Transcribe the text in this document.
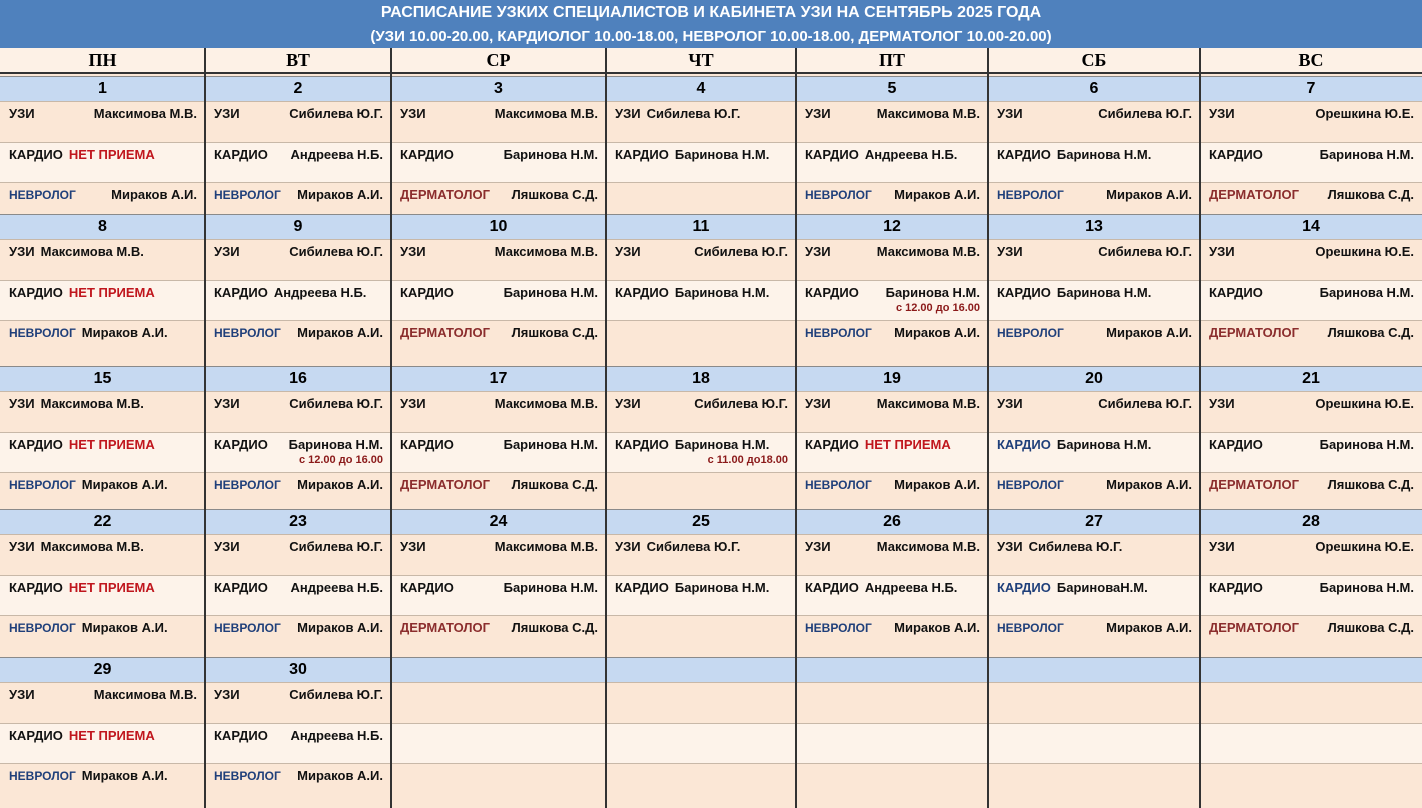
РАСПИСАНИЕ УЗКИХ СПЕЦИАЛИСТОВ И КАБИНЕТА УЗИ НА СЕНТЯБРЬ 2025 ГОДА
(УЗИ 10.00-20.00, КАРДИОЛОГ 10.00-18.00, НЕВРОЛОГ 10.00-18.00, ДЕРМАТОЛОГ 10.00-20.00)
ПН	ВТ	СР	ЧТ	ПТ	СБ	ВС
1
УЗИ	Максимова М.В.
КАРДИО НЕТ ПРИЕМА
НЕВРОЛОГ	Мираков А.И.
2
УЗИ	Сибилева Ю.Г.
КАРДИО	Андреева Н.Б.
НЕВРОЛОГ	Мираков А.И.
3
УЗИ	Максимова М.В.
КАРДИО	Баринова Н.М.
ДЕРМАТОЛОГ	Ляшкова С.Д.
4
УЗИ Сибилева Ю.Г.
КАРДИО Баринова Н.М.
5
УЗИ	Максимова М.В.
КАРДИО Андреева Н.Б.
НЕВРОЛОГ	Мираков А.И.
6
УЗИ	Сибилева Ю.Г.
КАРДИО Баринова Н.М.
НЕВРОЛОГ	Мираков А.И.
7
УЗИ	Орешкина Ю.Е.
КАРДИО	Баринова Н.М.
ДЕРМАТОЛОГ	Ляшкова С.Д.
8
УЗИ Максимова М.В.
КАРДИО НЕТ ПРИЕМА
НЕВРОЛОГ Мираков А.И.
9
УЗИ	Сибилева Ю.Г.
КАРДИО Андреева Н.Б.
НЕВРОЛОГ	Мираков А.И.
10
УЗИ	Максимова М.В.
КАРДИО	Баринова Н.М.
ДЕРМАТОЛОГ	Ляшкова С.Д.
11
УЗИ	Сибилева Ю.Г.
КАРДИО Баринова Н.М.
12
УЗИ	Максимова М.В.
КАРДИО	Баринова Н.М.
с 12.00 до 16.00
НЕВРОЛОГ	Мираков А.И.
13
УЗИ	Сибилева Ю.Г.
КАРДИО Баринова Н.М.
НЕВРОЛОГ	Мираков А.И.
14
УЗИ	Орешкина Ю.Е.
КАРДИО	Баринова Н.М.
ДЕРМАТОЛОГ	Ляшкова С.Д.
15
УЗИ Максимова М.В.
КАРДИО НЕТ ПРИЕМА
НЕВРОЛОГ Мираков А.И.
16
УЗИ	Сибилева Ю.Г.
КАРДИО	Баринова Н.М.
с 12.00 до 16.00
НЕВРОЛОГ	Мираков А.И.
17
УЗИ	Максимова М.В.
КАРДИО	Баринова Н.М.
ДЕРМАТОЛОГ	Ляшкова С.Д.
18
УЗИ	Сибилева Ю.Г.
КАРДИО Баринова Н.М.
с 11.00 до18.00
19
УЗИ	Максимова М.В.
КАРДИО НЕТ ПРИЕМА
НЕВРОЛОГ	Мираков А.И.
20
УЗИ	Сибилева Ю.Г.
КАРДИО Баринова Н.М.
НЕВРОЛОГ	Мираков А.И.
21
УЗИ	Орешкина Ю.Е.
КАРДИО	Баринова Н.М.
ДЕРМАТОЛОГ	Ляшкова С.Д.
22
УЗИ Максимова М.В.
КАРДИО НЕТ ПРИЕМА
НЕВРОЛОГ Мираков А.И.
23
УЗИ	Сибилева Ю.Г.
КАРДИО	Андреева Н.Б.
НЕВРОЛОГ	Мираков А.И.
24
УЗИ	Максимова М.В.
КАРДИО	Баринова Н.М.
ДЕРМАТОЛОГ	Ляшкова С.Д.
25
УЗИ Сибилева Ю.Г.
КАРДИО Баринова Н.М.
26
УЗИ	Максимова М.В.
КАРДИО Андреева Н.Б.
НЕВРОЛОГ	Мираков А.И.
27
УЗИ Сибилева Ю.Г.
КАРДИО БариноваН.М.
НЕВРОЛОГ	Мираков А.И.
28
УЗИ	Орешкина Ю.Е.
КАРДИО	Баринова Н.М.
ДЕРМАТОЛОГ	Ляшкова С.Д.
29
УЗИ	Максимова М.В.
КАРДИО НЕТ ПРИЕМА
НЕВРОЛОГ Мираков А.И.
30
УЗИ	Сибилева Ю.Г.
КАРДИО	Андреева Н.Б.
НЕВРОЛОГ	Мираков А.И.
